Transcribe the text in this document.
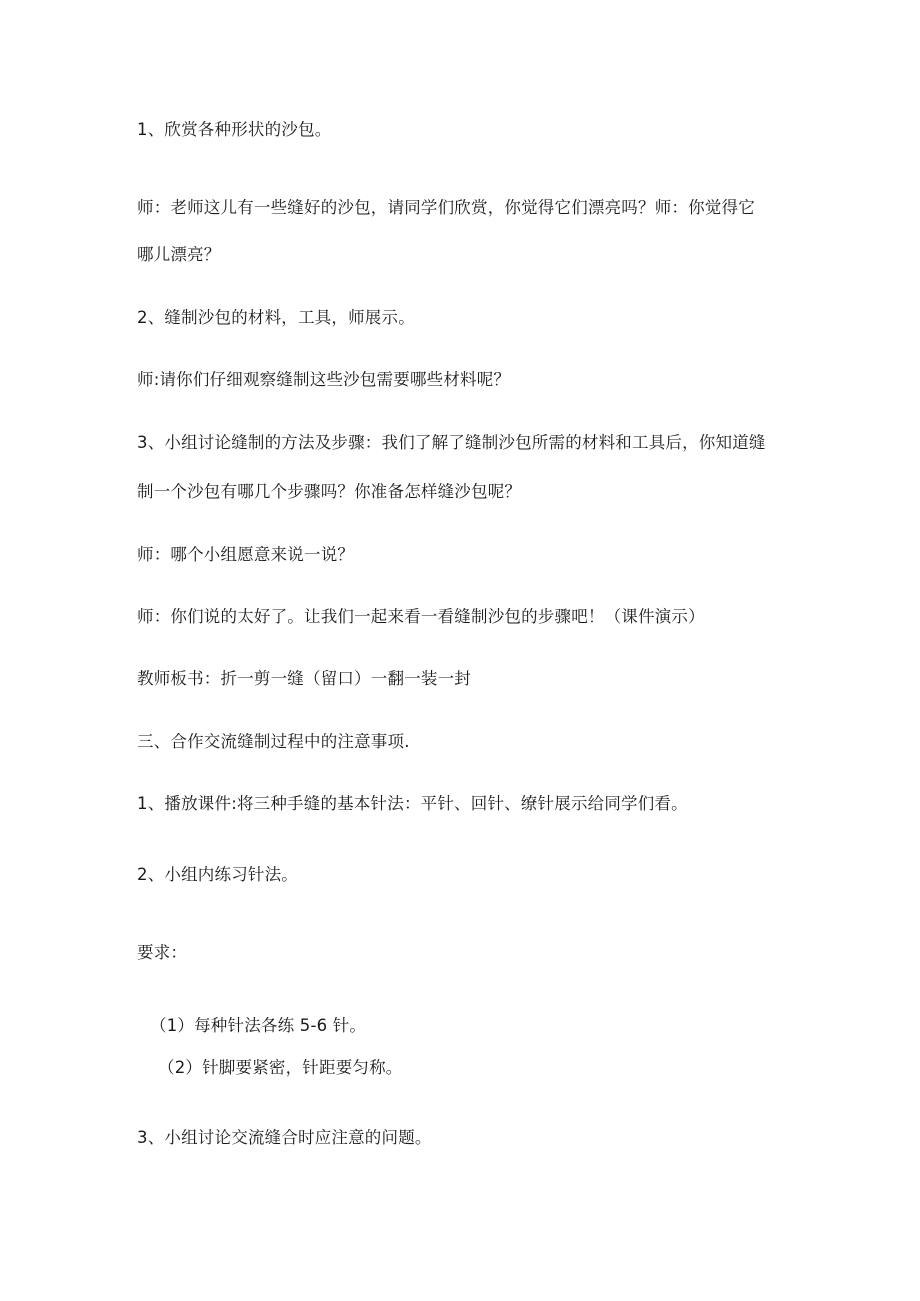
1、欣赏各种形状的沙包。
师：老师这儿有一些缝好的沙包，请同学们欣赏，你觉得它们漂亮吗？师：你觉得它
哪儿漂亮？
2、缝制沙包的材料，工具，师展示。
师:请你们仔细观察缝制这些沙包需要哪些材料呢？
3、小组讨论缝制的方法及步骤：我们了解了缝制沙包所需的材料和工具后，你知道缝
制一个沙包有哪几个步骤吗？你准备怎样缝沙包呢？
师：哪个小组愿意来说一说？
师：你们说的太好了。让我们一起来看一看缝制沙包的步骤吧！（课件演示）
教师板书：折一剪一缝（留口）一翻一装一封
三、合作交流缝制过程中的注意事项.
1、播放课件:将三种手缝的基本针法：平针、回针、缭针展示给同学们看。
2、小组内练习针法。
要求：
（1）每种针法各练 5-6 针。
（2）针脚要紧密，针距要匀称。
3、小组讨论交流缝合时应注意的问题。
